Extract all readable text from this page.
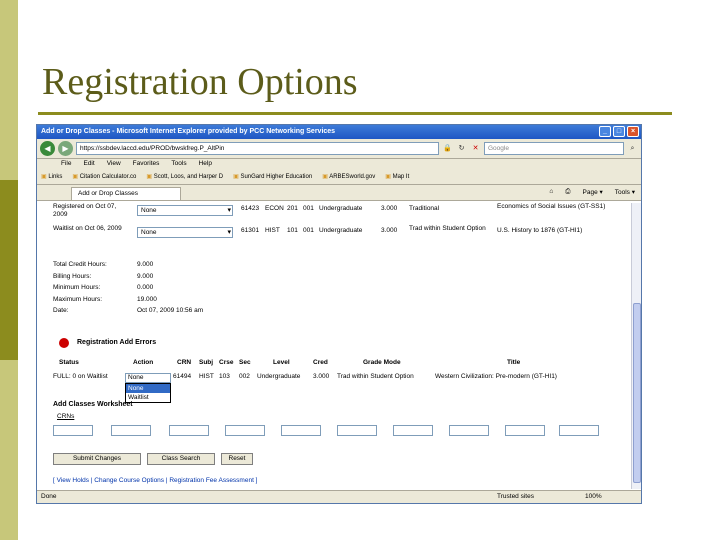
Registration Options
Add or Drop Classes - Microsoft Internet Explorer provided by PCC Networking Services	_	□	×
◀	▶	https://ssbdev.laccd.edu/PROD/bwskfreg.P_AltPin	🔒 ↻	✕	Google	⌕
File Edit View Favorites Tools Help
▣ Links	▣ Citation Calculator.co	▣ Scott, Loos, and Harper D	▣ SunGard Higher Education	▣ ARBESworld.gov	▣ Map It
Add or Drop Classes	⌂ ⎙ Page ▾ Tools ▾
Registered on Oct 07, 2009
None ▾	61423 ECON 201 001 Undergraduate	3.000 Traditional	Economics of Social Issues (GT-SS1)
Waitlist on Oct 06, 2009
None ▾	61301 HIST 101 001 Undergraduate	3.000 Trad within Student Option	U.S. History to 1876 (GT-HI1)
Total Credit Hours:	9.000
Billing Hours:	9.000
Minimum Hours:	0.000
Maximum Hours:	19.000
Date:	Oct 07, 2009 10:56 am
Registration Add Errors
Status	Action	CRN Subj Crse Sec	Level	Cred	Grade Mode	Title
FULL: 0 on Waitlist	None	61494 HIST 103 002 Undergraduate 3.000 Trad within Student Option	Western Civilization: Pre-modern (GT-HI1)
None
Waitlist
Add Classes Worksheet
CRNs
Submit Changes	Class Search	Reset
[ View Holds | Change Course Options | Registration Fee Assessment ]
Done	Trusted sites	100%
